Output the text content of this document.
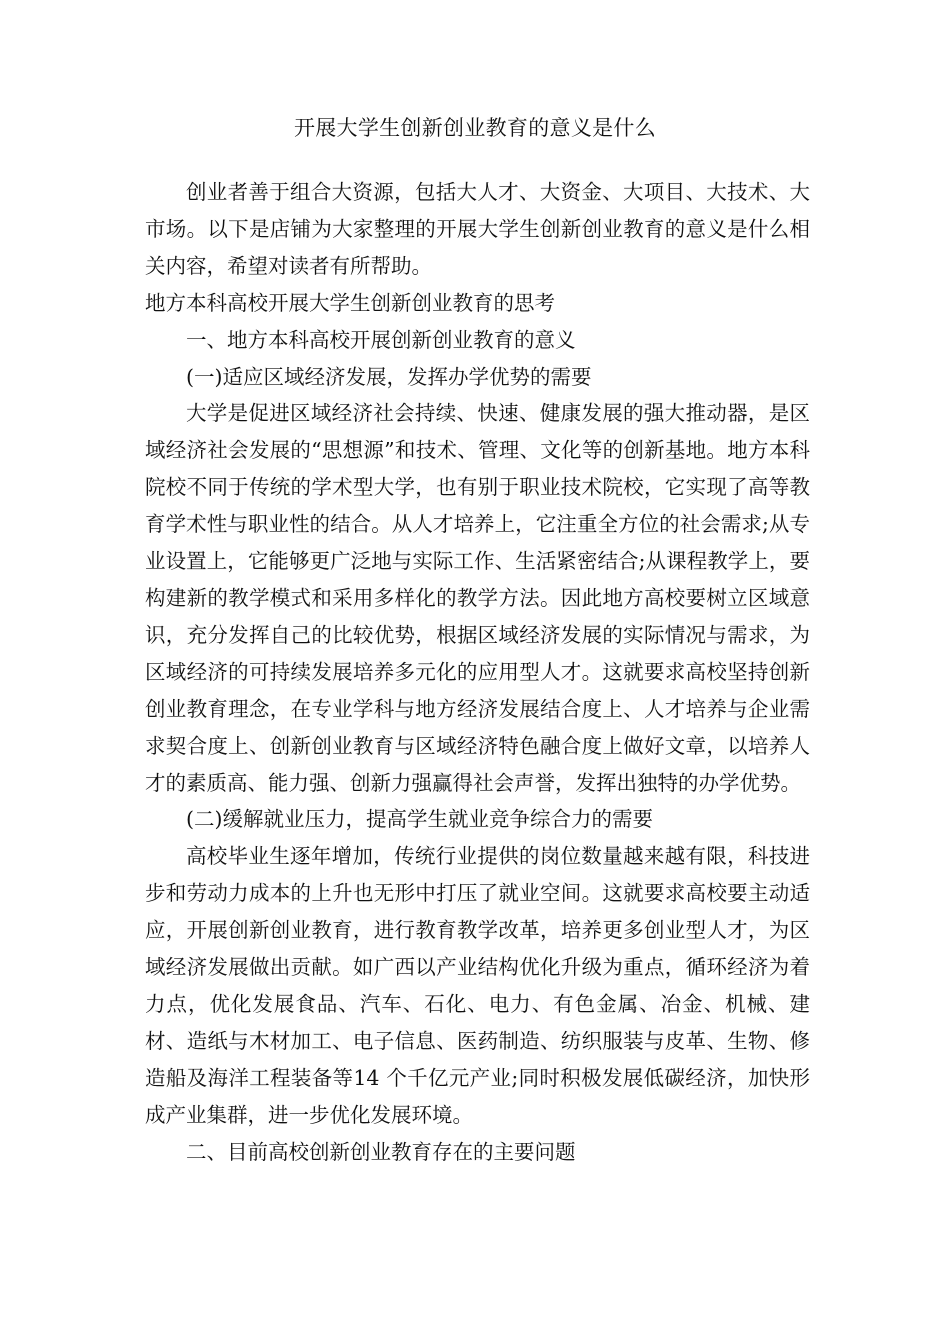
开展大学生创新创业教育的意义是什么

创业者善于组合大资源，包括大人才、大资金、大项目、大技术、大市场。以下是店铺为大家整理的开展大学生创新创业教育的意义是什么相关内容，希望对读者有所帮助。

地方本科高校开展大学生创新创业教育的思考

一、地方本科高校开展创新创业教育的意义

(一)适应区域经济发展，发挥办学优势的需要

大学是促进区域经济社会持续、快速、健康发展的强大推动器，是区域经济社会发展的“思想源”和技术、管理、文化等的创新基地。地方本科院校不同于传统的学术型大学，也有别于职业技术院校，它实现了高等教育学术性与职业性的结合。从人才培养上，它注重全方位的社会需求;从专业设置上，它能够更广泛地与实际工作、生活紧密结合;从课程教学上，要构建新的教学模式和采用多样化的教学方法。因此地方高校要树立区域意识，充分发挥自己的比较优势，根据区域经济发展的实际情况与需求，为区域经济的可持续发展培养多元化的应用型人才。这就要求高校坚持创新创业教育理念，在专业学科与地方经济发展结合度上、人才培养与企业需求契合度上、创新创业教育与区域经济特色融合度上做好文章，以培养人才的素质高、能力强、创新力强赢得社会声誉，发挥出独特的办学优势。

(二)缓解就业压力，提高学生就业竞争综合力的需要

高校毕业生逐年增加，传统行业提供的岗位数量越来越有限，科技进步和劳动力成本的上升也无形中打压了就业空间。这就要求高校要主动适应，开展创新创业教育，进行教育教学改革，培养更多创业型人才，为区域经济发展做出贡献。如广西以产业结构优化升级为重点，循环经济为着力点，优化发展食品、汽车、石化、电力、有色金属、冶金、机械、建材、造纸与木材加工、电子信息、医药制造、纺织服装与皮革、生物、修造船及海洋工程装备等14 个千亿元产业;同时积极发展低碳经济，加快形成产业集群，进一步优化发展环境。

二、目前高校创新创业教育存在的主要问题
